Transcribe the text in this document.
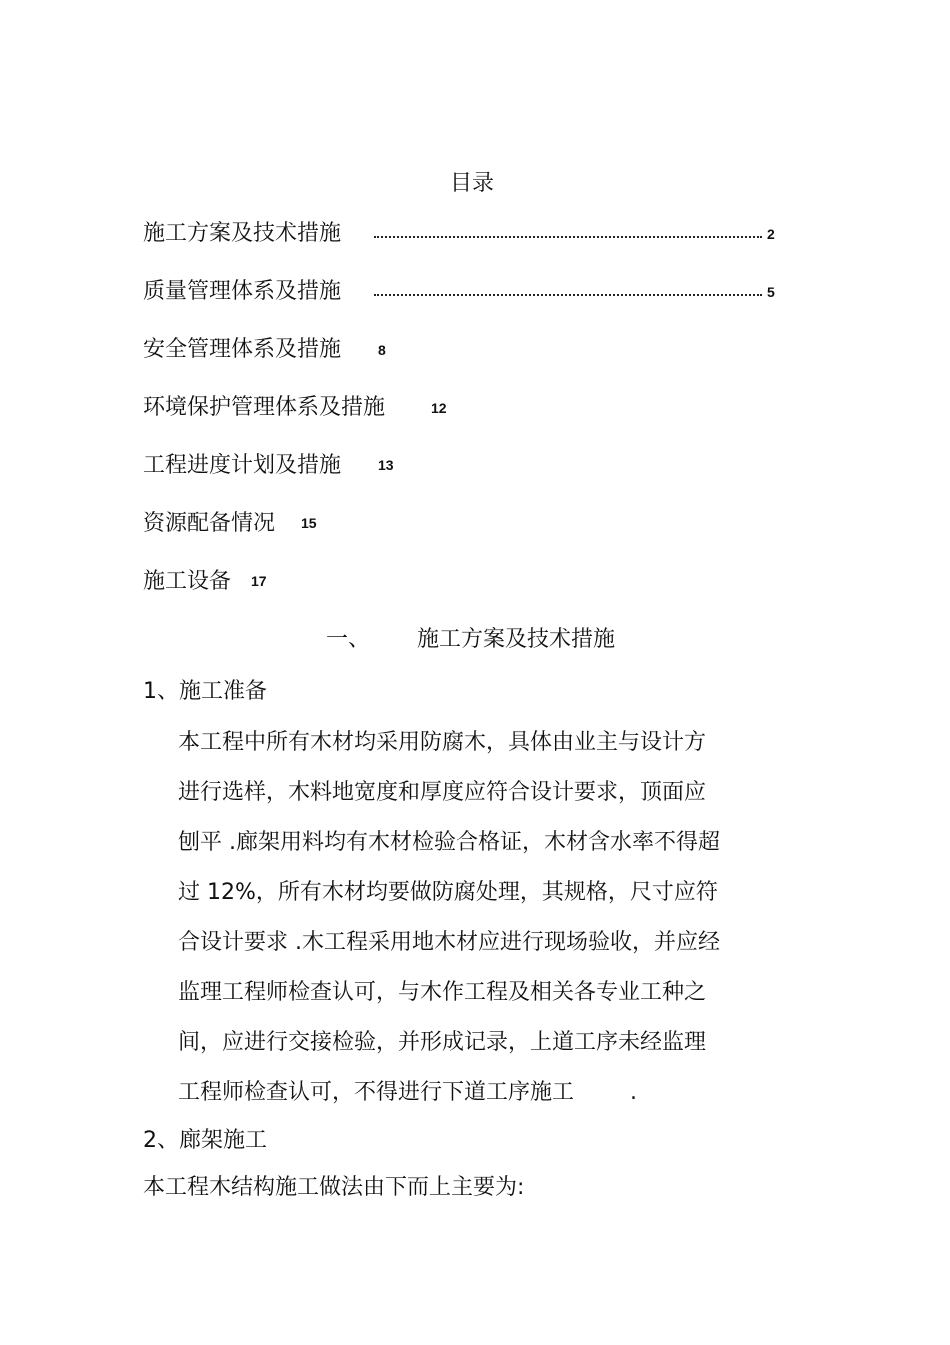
目录
施工方案及技术措施	2
质量管理体系及措施	5
安全管理体系及措施	8
环境保护管理体系及措施	12
工程进度计划及措施	13
资源配备情况 15
施工设备 17
一、 施工方案及技术措施
1、施工准备
本工程中所有木材均采用防腐木，具体由业主与设计方
进行选样，木料地宽度和厚度应符合设计要求，顶面应
刨平 .廊架用料均有木材检验合格证，木材含水率不得超
过 12%，所有木材均要做防腐处理，其规格，尺寸应符
合设计要求 .木工程采用地木材应进行现场验收，并应经
监理工程师检查认可，与木作工程及相关各专业工种之
间，应进行交接检验，并形成记录，上道工序未经监理
工程师检查认可，不得进行下道工序施工        .
2、廊架施工
本工程木结构施工做法由下而上主要为:
